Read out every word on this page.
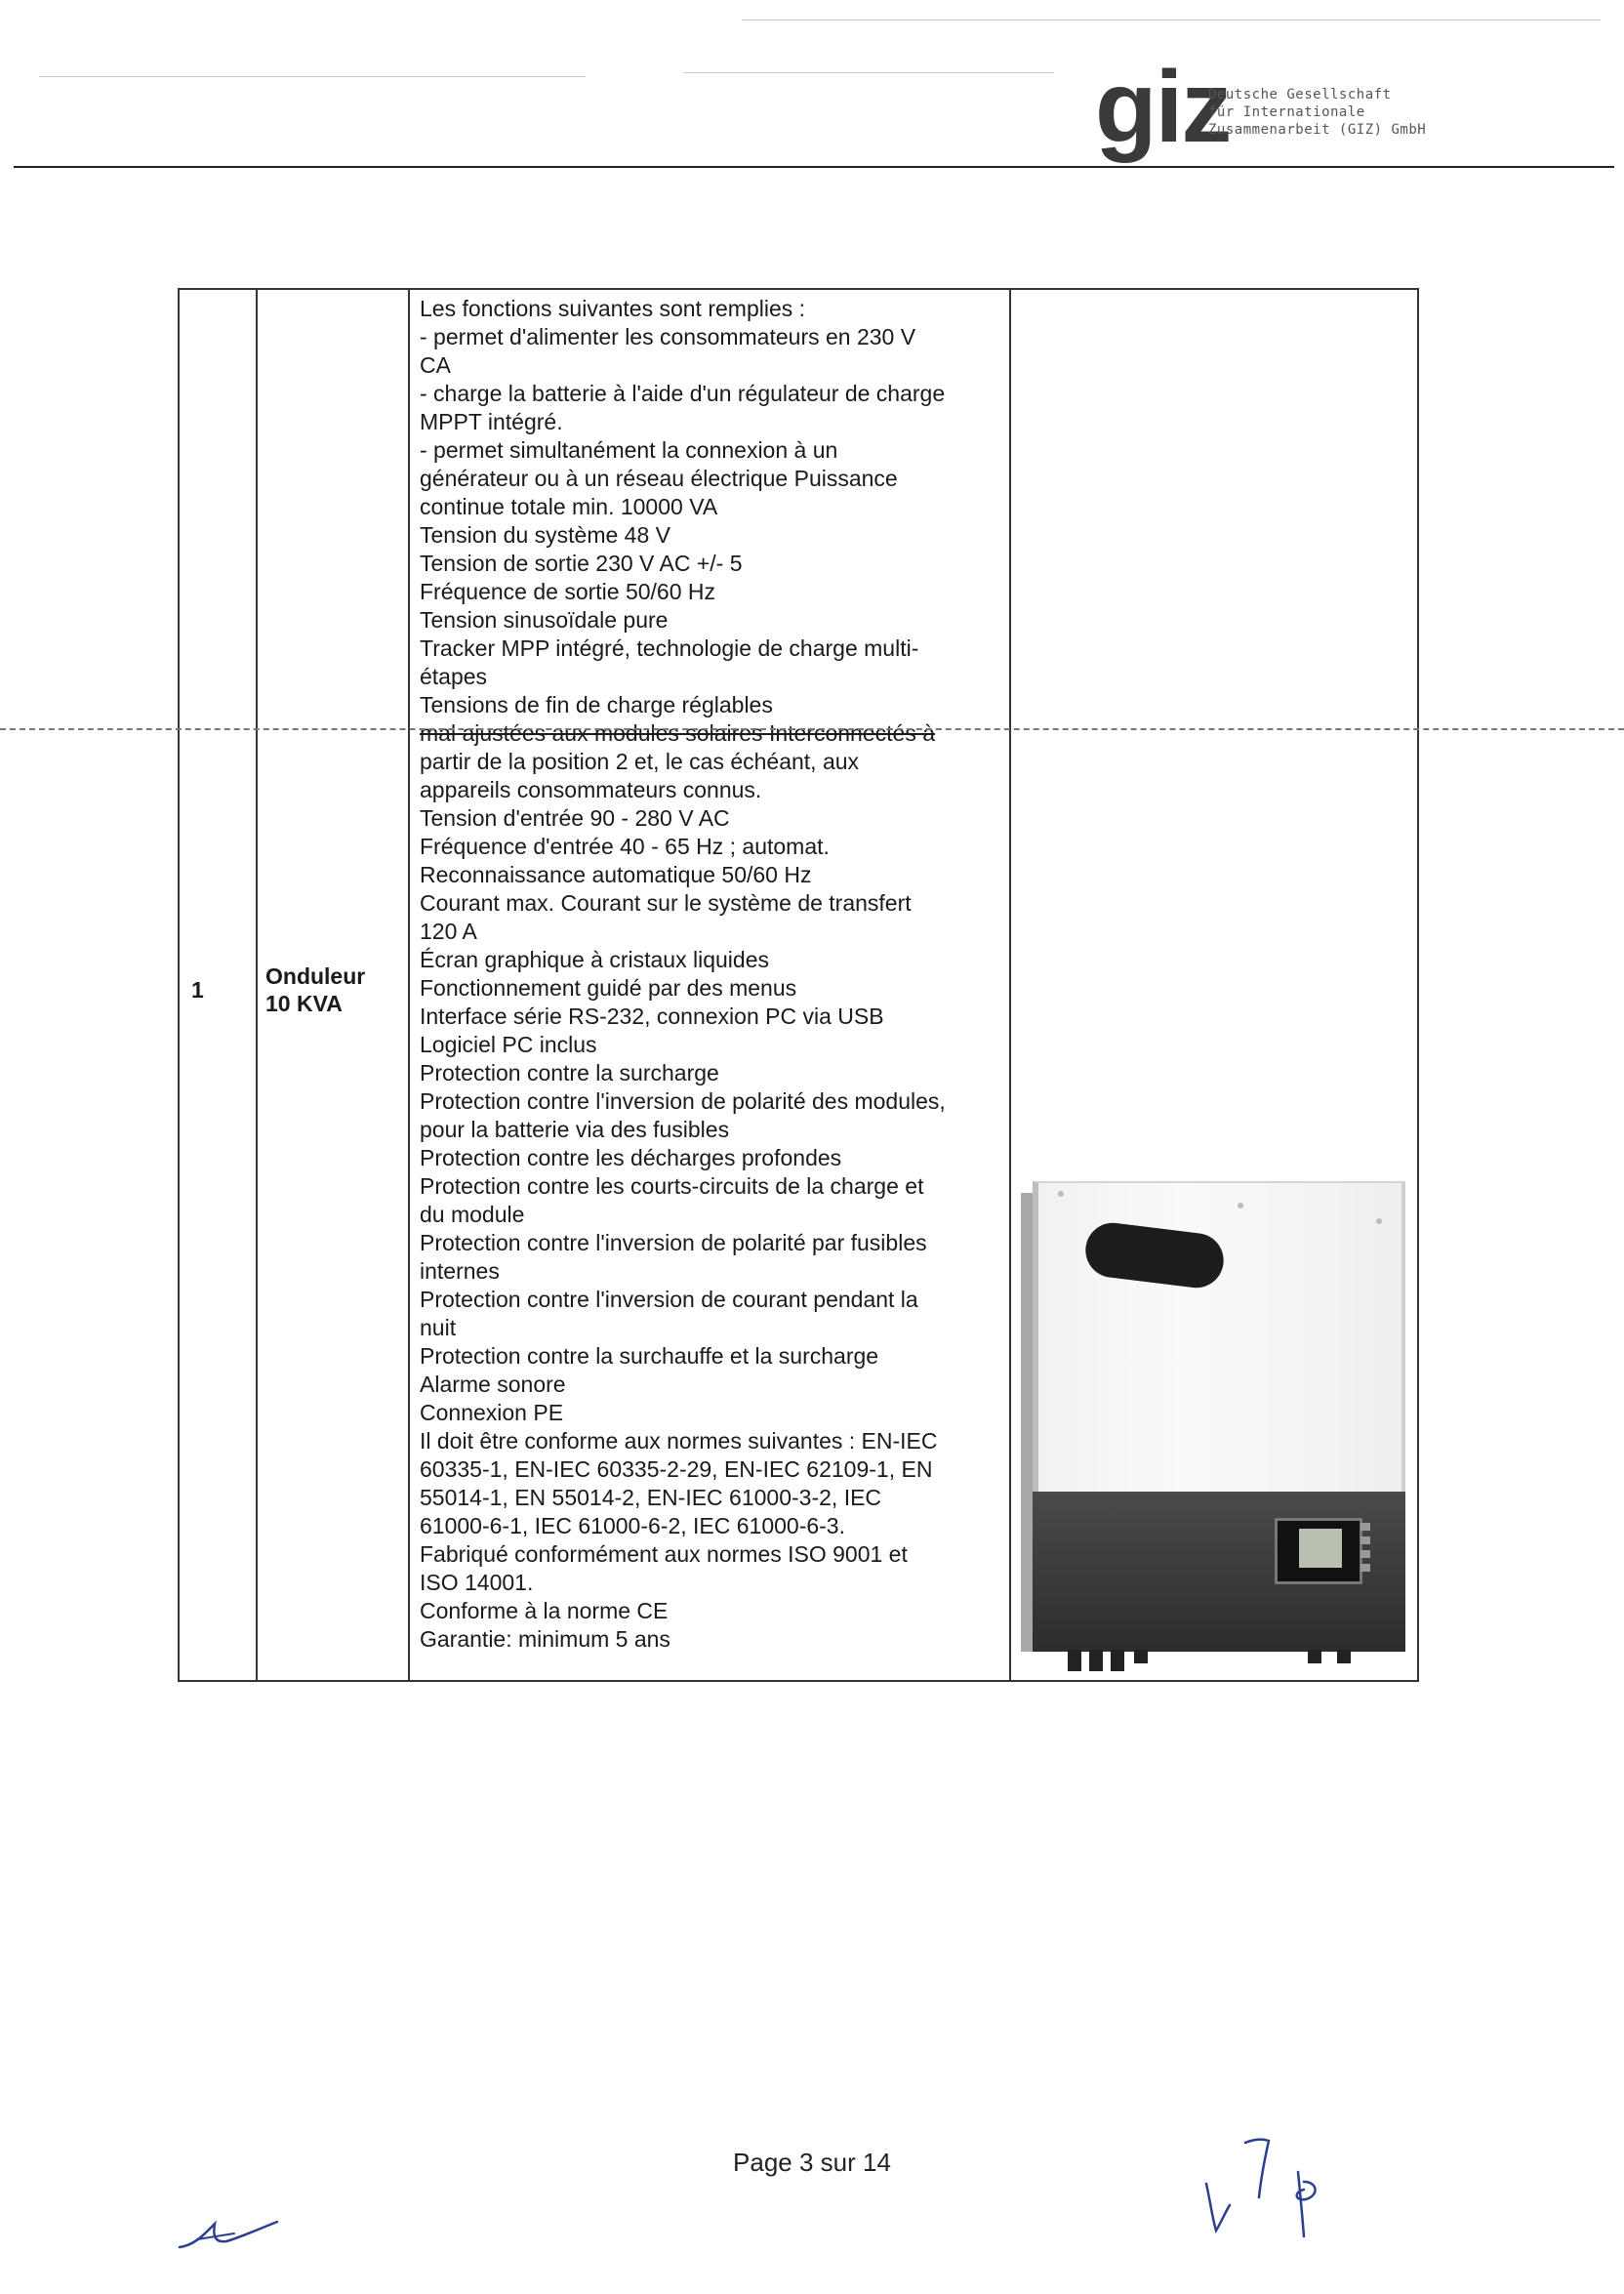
giz
Deutsche Gesellschaft
für Internationale
Zusammenarbeit (GIZ) GmbH
1

Onduleur
10 KVA

Les fonctions suivantes sont remplies :
- permet d'alimenter les consommateurs en 230 V
CA
- charge la batterie à l'aide d'un régulateur de charge
MPPT intégré.
- permet simultanément la connexion à un
générateur ou à un réseau électrique Puissance
continue totale min. 10000 VA
Tension du système 48 V
Tension de sortie 230 V AC +/- 5
Fréquence de sortie 50/60 Hz
Tension sinusoïdale pure
Tracker MPP intégré, technologie de charge multi-
étapes
Tensions de fin de charge réglables
mal ajustées aux modules solaires Interconnectés à
partir de la position 2 et, le cas échéant, aux
appareils consommateurs connus.
Tension d'entrée 90 - 280 V AC
Fréquence d'entrée 40 - 65 Hz ; automat.
Reconnaissance automatique 50/60 Hz
Courant max. Courant sur le système de transfert
120 A
Écran graphique à cristaux liquides
Fonctionnement guidé par des menus
Interface série RS-232, connexion PC via USB
Logiciel PC inclus
Protection contre la surcharge
Protection contre l'inversion de polarité des modules,
pour la batterie via des fusibles
Protection contre les décharges profondes
Protection contre les courts-circuits de la charge et
du module
Protection contre l'inversion de polarité par fusibles
internes
Protection contre l'inversion de courant pendant la
nuit
Protection contre la surchauffe et la surcharge
Alarme sonore
Connexion PE
Il doit être conforme aux normes suivantes : EN-IEC
60335-1, EN-IEC 60335-2-29, EN-IEC 62109-1, EN
55014-1, EN 55014-2, EN-IEC 61000-3-2, IEC
61000-6-1, IEC 61000-6-2, IEC 61000-6-3.
Fabriqué conformément aux normes ISO 9001 et
ISO 14001.
Conforme à la norme CE
Garantie: minimum 5 ans

Page 3 sur 14
